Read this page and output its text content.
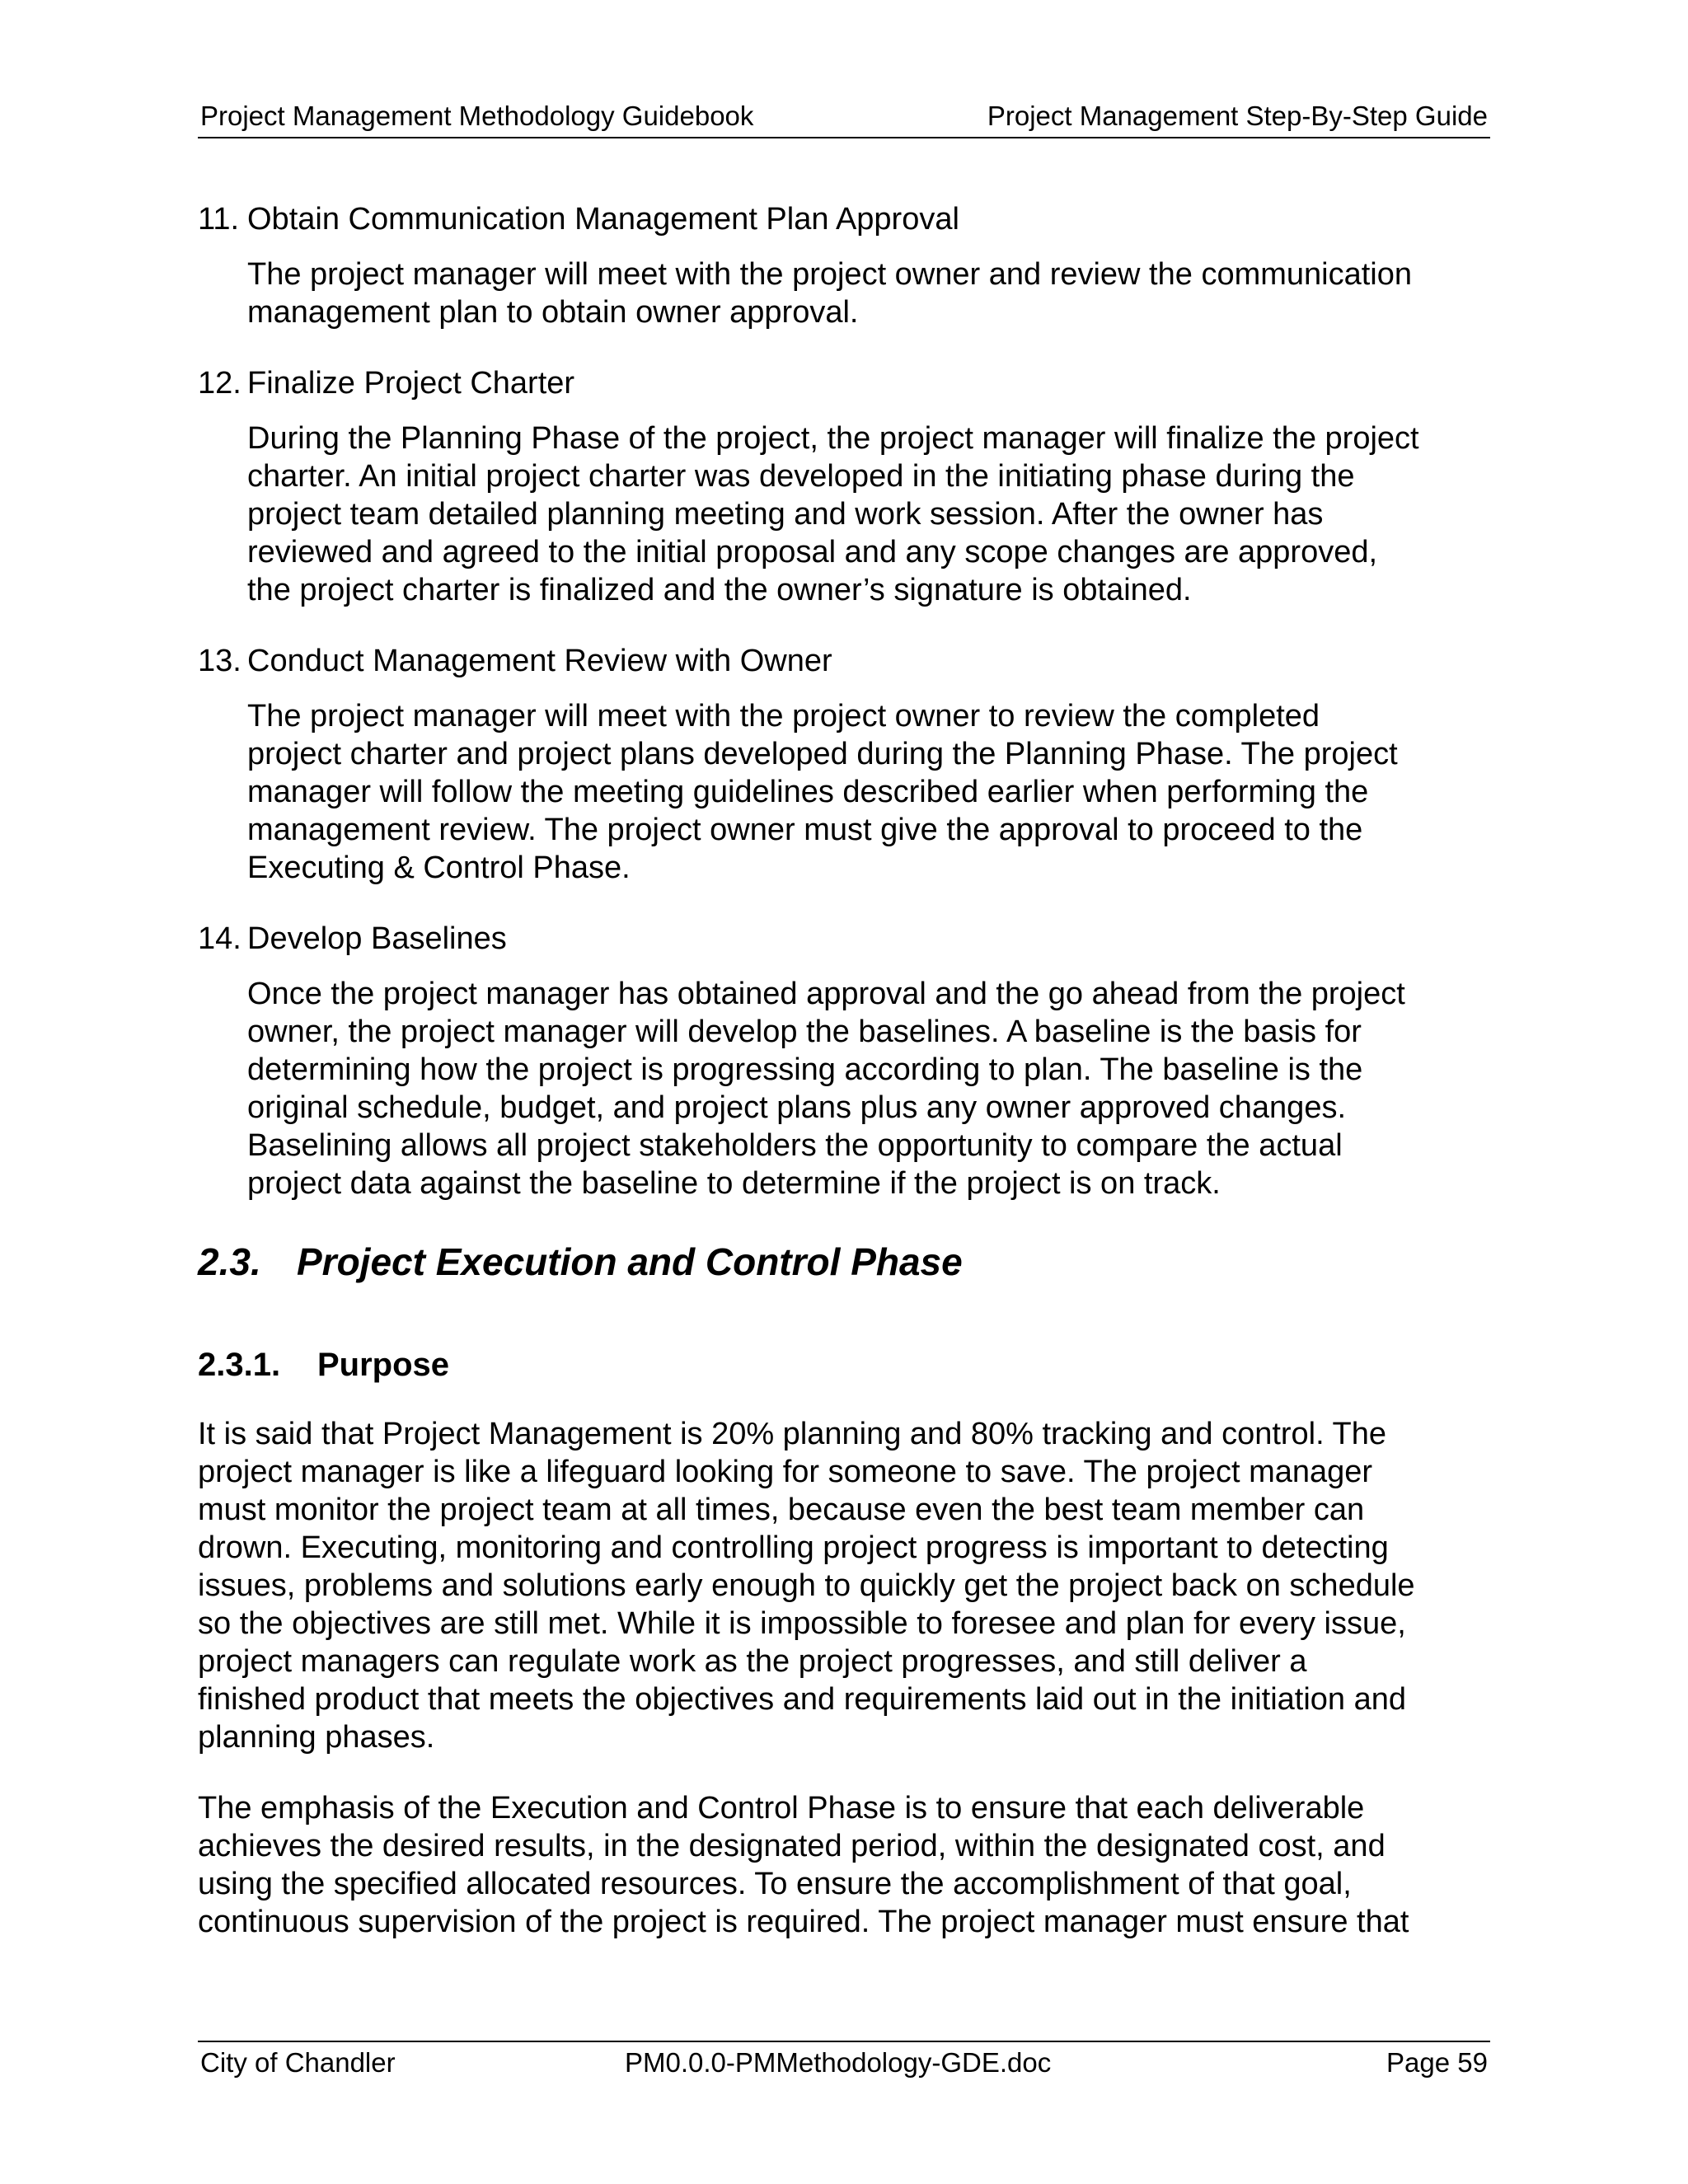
Project Management Methodology Guidebook	Project Management Step-By-Step Guide
11. Obtain Communication Management Plan Approval
The project manager will meet with the project owner and review the communication
management plan to obtain owner approval.
12. Finalize Project Charter
During the Planning Phase of the project, the project manager will finalize the project
charter. An initial project charter was developed in the initiating phase during the
project team detailed planning meeting and work session. After the owner has
reviewed and agreed to the initial proposal and any scope changes are approved,
the project charter is finalized and the owner’s signature is obtained.
13. Conduct Management Review with Owner
The project manager will meet with the project owner to review the completed
project charter and project plans developed during the Planning Phase. The project
manager will follow the meeting guidelines described earlier when performing the
management review. The project owner must give the approval to proceed to the
Executing & Control Phase.
14. Develop Baselines
Once the project manager has obtained approval and the go ahead from the project
owner, the project manager will develop the baselines. A baseline is the basis for
determining how the project is progressing according to plan. The baseline is the
original schedule, budget, and project plans plus any owner approved changes.
Baselining allows all project stakeholders the opportunity to compare the actual
project data against the baseline to determine if the project is on track.
2.3. Project Execution and Control Phase
2.3.1.	Purpose
It is said that Project Management is 20% planning and 80% tracking and control. The
project manager is like a lifeguard looking for someone to save. The project manager
must monitor the project team at all times, because even the best team member can
drown. Executing, monitoring and controlling project progress is important to detecting
issues, problems and solutions early enough to quickly get the project back on schedule
so the objectives are still met. While it is impossible to foresee and plan for every issue,
project managers can regulate work as the project progresses, and still deliver a
finished product that meets the objectives and requirements laid out in the initiation and
planning phases.
The emphasis of the Execution and Control Phase is to ensure that each deliverable
achieves the desired results, in the designated period, within the designated cost, and
using the specified allocated resources. To ensure the accomplishment of that goal,
continuous supervision of the project is required. The project manager must ensure that
City of Chandler	PM0.0.0-PMMethodology-GDE.doc	Page 59
